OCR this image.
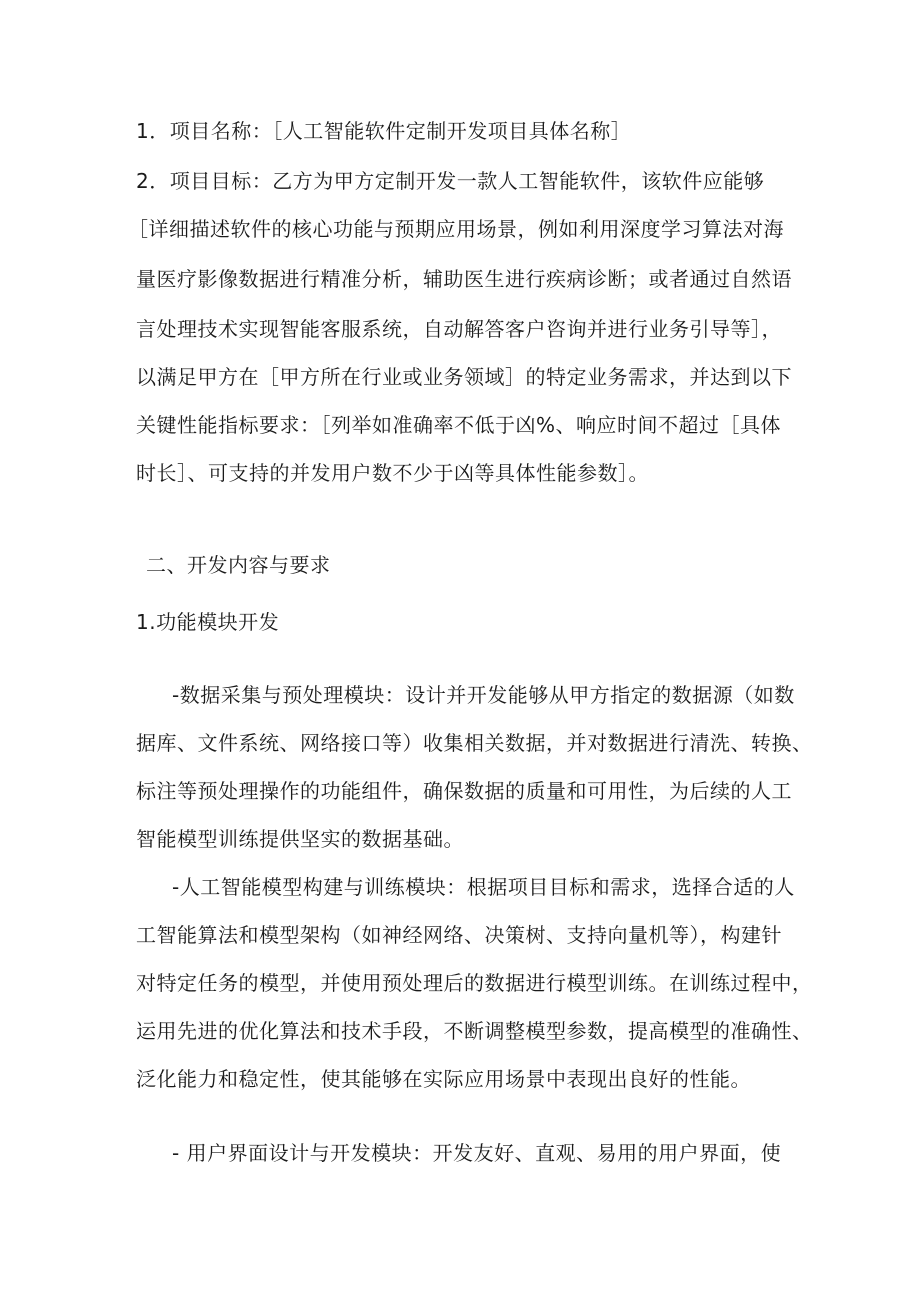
1．项目名称：［人工智能软件定制开发项目具体名称］
2．项目目标：乙方为甲方定制开发一款人工智能软件，该软件应能够
［详细描述软件的核心功能与预期应用场景，例如利用深度学习算法对海
量医疗影像数据进行精准分析，辅助医生进行疾病诊断；或者通过自然语
言处理技术实现智能客服系统，自动解答客户咨询并进行业务引导等］，
以满足甲方在［甲方所在行业或业务领域］的特定业务需求，并达到以下
关键性能指标要求：［列举如准确率不低于凶%、响应时间不超过［具体
时长］、可支持的并发用户数不少于凶等具体性能参数］。
二、开发内容与要求
1.功能模块开发
-数据采集与预处理模块：设计并开发能够从甲方指定的数据源（如数
据库、文件系统、网络接口等）收集相关数据，并对数据进行清洗、转换、
标注等预处理操作的功能组件，确保数据的质量和可用性，为后续的人工
智能模型训练提供坚实的数据基础。
-人工智能模型构建与训练模块：根据项目目标和需求，选择合适的人
工智能算法和模型架构（如神经网络、决策树、支持向量机等），构建针
对特定任务的模型，并使用预处理后的数据进行模型训练。在训练过程中，
运用先进的优化算法和技术手段，不断调整模型参数，提高模型的准确性、
泛化能力和稳定性，使其能够在实际应用场景中表现出良好的性能。
- 用户界面设计与开发模块：开发友好、直观、易用的用户界面，使
